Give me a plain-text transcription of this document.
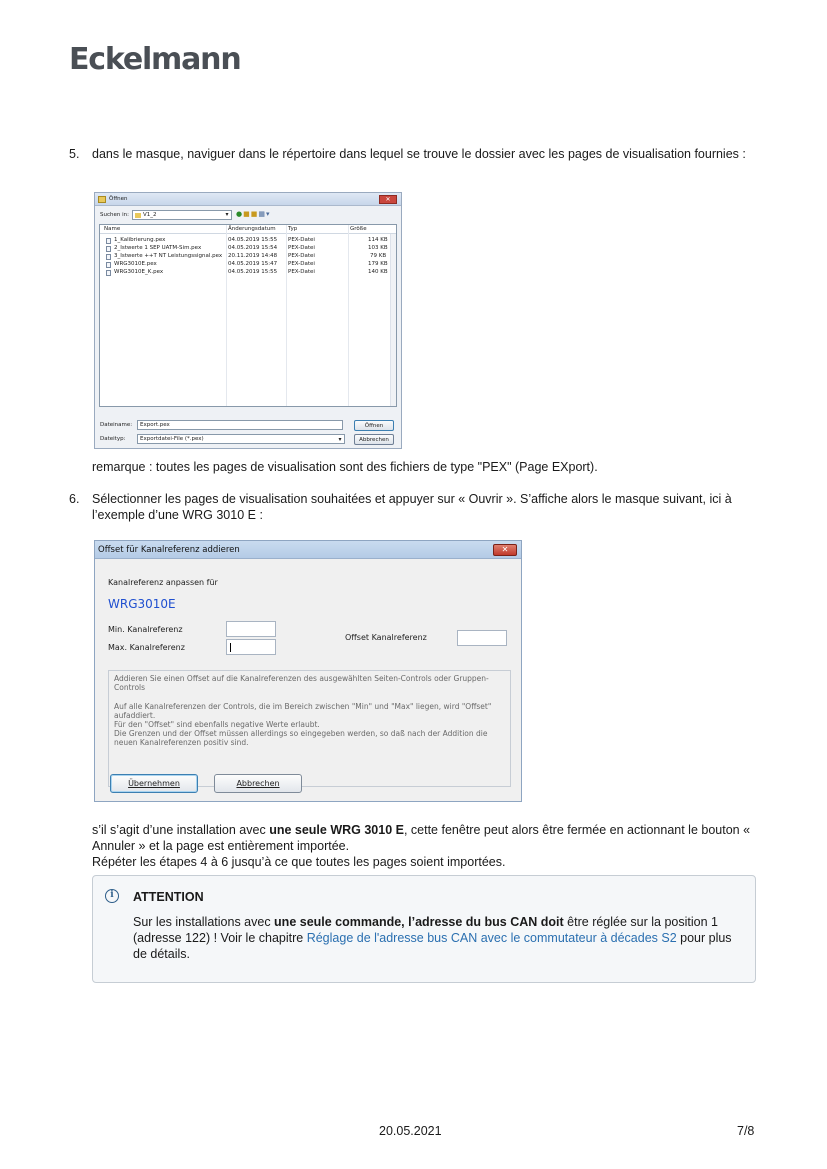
Eckelmann
5.	dans le masque, naviguer dans le répertoire dans lequel se trouve le dossier avec les pages de visualisation fournies :
Öffnen	✕
Suchen in:	V1_2	▾	●■■▦▾
Name	Änderungsdatum Typ	Größe
1_Kalibrierung.pex	04.05.2019 15:55 PEX-Datei	114 KB
2_Istwerte 1 SEP UATM-Sim.pex	04.05.2019 15:54 PEX-Datei	103 KB
3_Istwerte ++T NT Leistungssignal.pex 20.11.2019 14:48 PEX-Datei	79 KB
WRG3010E.pex	04.05.2019 15:47 PEX-Datei	179 KB
WRG3010E_K.pex	04.05.2019 15:55 PEX-Datei	140 KB
Dateiname:	Export.pex
Dateityp:	Exportdatei-File (*.pex)	▾
Öffnen
Abbrechen
remarque : toutes les pages de visualisation sont des fichiers de type "PEX" (Page EXport).
6.	Sélectionner les pages de visualisation souhaitées et appuyer sur « Ouvrir ». S’affiche alors le masque suivant, ici à l’exemple d’une WRG 3010 E :
Offset für Kanalreferenz addieren	✕
Kanalreferenz anpassen für
WRG3010E
Min. Kanalreferenz
Max. Kanalreferenz
Offset Kanalreferenz
Addieren Sie einen Offset auf die Kanalreferenzen des ausgewählten Seiten-Controls oder Gruppen-Controls
Auf alle Kanalreferenzen der Controls, die im Bereich zwischen "Min" und "Max" liegen, wird "Offset" aufaddiert.
Für den "Offset" sind ebenfalls negative Werte erlaubt.
Die Grenzen und der Offset müssen allerdings so eingegeben werden, so daß nach der Addition die neuen Kanalreferenzen positiv sind.
Übernehmen	Abbrechen
s’il s’agit d’une installation avec une seule WRG 3010 E, cette fenêtre peut alors être fermée en actionnant le bouton « Annuler » et la page est entièrement importée.
Répéter les étapes 4 à 6 jusqu’à ce que toutes les pages soient importées.
i	ATTENTION
Sur les installations avec une seule commande, l’adresse du bus CAN doit être réglée sur la position 1 (adresse 122) ! Voir le chapitre Réglage de l'adresse bus CAN avec le commutateur à décades S2 pour plus de détails.
20.05.2021	7/8
